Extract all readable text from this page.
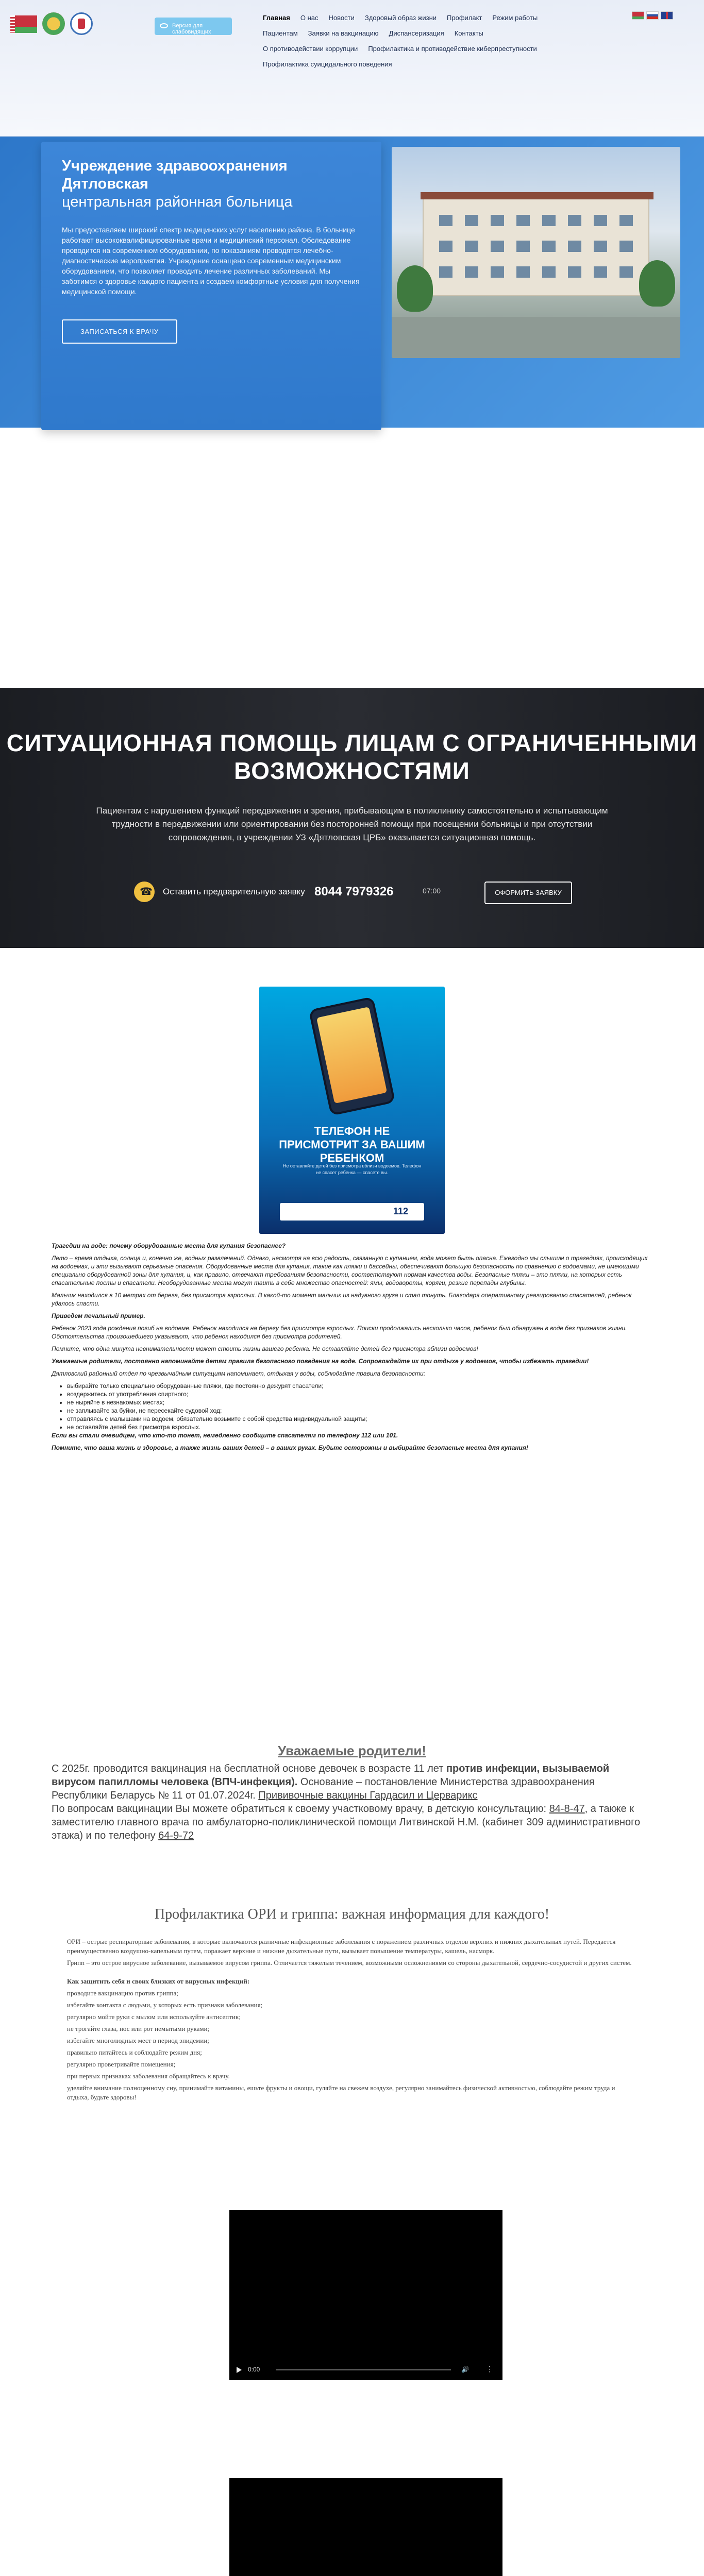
Версия для слабовидящих
Главная О нас Новости Здоровый образ жизни Профилакт Режим работы
Пациентам Заявки на вакцинацию Диспансеризация Контакты
О противодействии коррупции Профилактика и противодействие киберпреступности
Профилактика суицидального поведения
Учреждение здравоохранения
Дятловская
центральная районная больница

Мы предоставляем широкий спектр медицинских услуг населению района. В больнице работают высококвалифицированные врачи и медицинский персонал. Обследование проводится на современном оборудовании, по показаниям проводятся лечебно-диагностические мероприятия. Учреждение оснащено современным медицинским оборудованием, что позволяет проводить лечение различных заболеваний. Мы заботимся о здоровье каждого пациента и создаем комфортные условия для получения медицинской помощи.

ЗАПИСАТЬСЯ К ВРАЧУ
СИТУАЦИОННАЯ ПОМОЩЬ ЛИЦАМ С ОГРАНИЧЕННЫМИ ВОЗМОЖНОСТЯМИ

Пациентам с нарушением функций передвижения и зрения, прибывающим в поликлинику самостоятельно и испытывающим трудности в передвижении или ориентировании без посторонней помощи при посещении больницы и при отсутствии сопровождения, в учреждении УЗ «Дятловская ЦРБ» оказывается ситуационная помощь.

☎
Оставить предварительную заявку 8044 7979326	07:00	ОФОРМИТЬ ЗАЯВКУ
ТЕЛЕФОН НЕ ПРИСМОТРИТ ЗА ВАШИМ РЕБЕНКОМ
Не оставляйте детей без присмотра вблизи водоемов. Телефон не спасет ребенка — спасете вы.
112

Трагедии на воде: почему оборудованные места для купания безопаснее?

Лето – время отдыха, солнца и, конечно же, водных развлечений. Однако, несмотря на всю радость, связанную с купанием, вода может быть опасна. Ежегодно мы слышим о трагедиях, происходящих на водоемах, и эти вызывают серьезные опасения. Оборудованные места для купания, такие как пляжи и бассейны, обеспечивают большую безопасность по сравнению с водоемами, не имеющими специально оборудованной зоны для купания, и, как правило, отвечают требованиям безопасности, соответствуют нормам качества воды. Безопасные пляжи – это пляжи, на которых есть спасательные посты и спасатели. Необорудованные места могут таить в себе множество опасностей: ямы, водовороты, коряги, резкие перепады глубины.

Мальчик находился в 10 метрах от берега, без присмотра взрослых. В какой-то момент мальчик из надувного круга и стал тонуть. Благодаря оперативному реагированию спасателей, ребенок удалось спасти.

Приведем печальный пример.

Ребенок 2023 года рождения погиб на водоеме. Ребенок находился на берегу без присмотра взрослых. Поиски продолжались несколько часов, ребенок был обнаружен в воде без признаков жизни. Обстоятельства произошедшего указывают, что ребенок находился без присмотра родителей.

Помните, что одна минута невнимательности может стоить жизни вашего ребенка. Не оставляйте детей без присмотра вблизи водоемов!

Уважаемые родители, постоянно напоминайте детям правила безопасного поведения на воде. Сопровождайте их при отдыхе у водоемов, чтобы избежать трагедии!

Дятловский районный отдел по чрезвычайным ситуациям напоминает, отдыхая у воды, соблюдайте правила безопасности:

• выбирайте только специально оборудованные пляжи, где постоянно дежурят спасатели;
• воздержитесь от употребления спиртного;
• не ныряйте в незнакомых местах;
• не заплывайте за буйки, не пересекайте судовой ход;
• отправляясь с малышами на водоем, обязательно возьмите с собой средства индивидуальной защиты;
• не оставляйте детей без присмотра взрослых.

Если вы стали очевидцем, что кто-то тонет, немедленно сообщите спасателям по телефону 112 или 101.

Помните, что ваша жизнь и здоровье, а также жизнь ваших детей – в ваших руках. Будьте осторожны и выбирайте безопасные места для купания!

Уважаемые родители!
С 2025г. проводится вакцинация на бесплатной основе девочек в возрасте 11 лет против инфекции, вызываемой вирусом папилломы человека (ВПЧ-инфекция). Основание – постановление Министерства здравоохранения Республики Беларусь № 11 от 01.07.2024г. Прививочные вакцины Гардасил и Церварикс
По вопросам вакцинации Вы можете обратиться к своему участковому врачу, в детскую консультацию: 84-8-47, а также к заместителю главного врача по амбулаторно-поликлинической помощи Литвинской Н.М. (кабинет 309 административного этажа) и по телефону 64-9-72
Профилактика ОРИ и гриппа: важная информация для каждого!

ОРИ – острые респираторные заболевания, в которые включаются различные инфекционные заболевания с поражением различных отделов верхних и нижних дыхательных путей. Передается преимущественно воздушно-капельным путем, поражает верхние и нижние дыхательные пути, вызывает повышение температуры, кашель, насморк.

Грипп – это острое вирусное заболевание, вызываемое вирусом гриппа. Отличается тяжелым течением, возможными осложнениями со стороны дыхательной, сердечно-сосудистой и других систем.

Как защитить себя и своих близких от вирусных инфекций:

проводите вакцинацию против гриппа;

избегайте контакта с людьми, у которых есть признаки заболевания;

регулярно мойте руки с мылом или используйте антисептик;

не трогайте глаза, нос или рот немытыми руками;

избегайте многолюдных мест в период эпидемии;

правильно питайтесь и соблюдайте режим дня;

регулярно проветривайте помещения;

при первых признаках заболевания обращайтесь к врачу.

уделяйте внимание полноценному сну, принимайте витамины, ешьте фрукты и овощи, гуляйте на свежем воздухе, регулярно занимайтесь физической активностью, соблюдайте режим труда и отдыха, будьте здоровы!

0:00	🔊 ⋮
